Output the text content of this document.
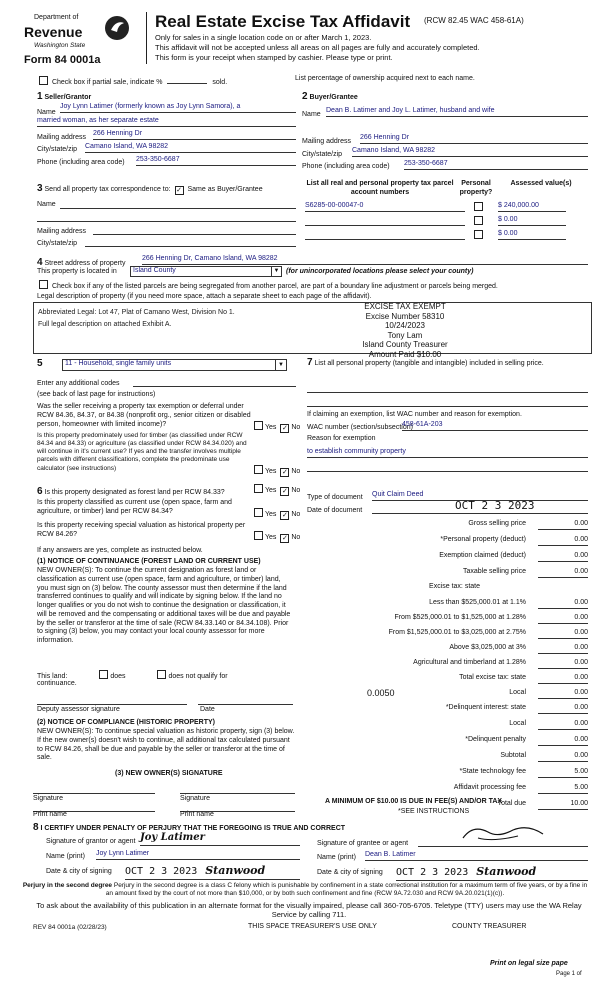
Department of
Revenue
Washington State
Form 84 0001a
Real Estate Excise Tax Affidavit (RCW 82.45 WAC 458-61A)
Only for sales in a single location code on or after March 1, 2023.
This affidavit will not be accepted unless all areas on all pages are fully and accurately completed.
This form is your receipt when stamped by cashier. Please type or print.
Check box if partial sale, indicate %	sold.
List percentage of ownership acquired next to each name.
1 Seller/Grantor
Name
Joy Lynn Latimer (formerly known as Joy Lynn Samora), a
married woman, as her separate estate
Mailing address
266 Henning Dr
City/state/zip Camano Island, WA 98282
Phone (including area code) 253-350-6687
2 Buyer/Grantee
Name
Dean B. Latimer and Joy L. Latimer, husband and wife
Mailing address
266 Henning Dr
City/state/zip
Camano Island, WA 98282
Phone (including area code) 253-350-6687
3 Send all property tax correspondence to: ✓ Same as Buyer/Grantee
Name
Mailing address
City/state/zip
List all real and personal property tax parcel account numbers
Personal property?
Assessed value(s)
S6285-00-00047-0	$ 240,000.00
$ 0.00
$ 0.00
4 Street address of property
266 Henning Dr, Camano Island, WA 98282
This property is located in	Island County	▼ (for unincorporated locations please select your county)
Check box if any of the listed parcels are being segregated from another parcel, are part of a boundary line adjustment or parcels being merged.
Legal description of property (if you need more space, attach a separate sheet to each page of the affidavit).
Abbreviated Legal: Lot 47, Plat of Camano West, Division No 1.
Full legal description on attached Exhibit A.
EXCISE TAX EXEMPT
Excise Number 58310
10/24/2023
Tony Lam
Island County Treasurer
Amount Paid $10.00
5	11 - Household, single family units	▼
Enter any additional codes
(see back of last page for instructions)
Was the seller receiving a property tax exemption or deferral under RCW 84.36, 84.37, or 84.38 (nonprofit org., senior citizen or disabled person, homeowner with limited income)?	Yes ✓ No
Is this property predominately used for timber (as classified under RCW 84.34 and 84.33) or agriculture (as classified under RCW 84.34.020) and will continue in it's current use? If yes and the transfer involves multiple parcels with different classifications, complete the predominate use calculator (see instructions)	Yes ✓ No
6 Is this property designated as forest land per RCW 84.33?	Yes ✓ No
Is this property classified as current use (open space, farm and agriculture, or timber) land per RCW 84.34?	Yes ✓ No
Is this property receiving special valuation as historical property per RCW 84.26?	Yes ✓ No
If any answers are yes, complete as instructed below.
(1) NOTICE OF CONTINUANCE (FOREST LAND OR CURRENT USE)
NEW OWNER(S): To continue the current designation as forest land or classification as current use (open space, farm and agriculture, or timber) land, you must sign on (3) below. The county assessor must then determine if the land transferred continues to qualify and will indicate by signing below. If the land no longer qualifies or you do not wish to continue the designation or classification, it will be removed and the compensating or additional taxes will be due and payable by the seller or transferor at the time of sale (RCW 84.33.140 or 84.34.108). Prior to signing (3) below, you may contact your local county assessor for more information.
This land:	does	does not qualify for
continuance.
Deputy assessor signature	Date
(2) NOTICE OF COMPLIANCE (HISTORIC PROPERTY)
NEW OWNER(S): To continue special valuation as historic property, sign (3) below. If the new owner(s) doesn't wish to continue, all additional tax calculated pursuant to RCW 84.26, shall be due and payable by the seller or transferor at the time of sale.
(3) NEW OWNER(S) SIGNATURE
Signature	Signature
Print name	Print name
7 List all personal property (tangible and intangible) included in selling price.
If claiming an exemption, list WAC number and reason for exemption.
WAC number (section/subsection)
458-61A-203
Reason for exemption
to establish community property
Type of document Quit Claim Deed
Date of document	OCT 2 3 2023
Gross selling price	0.00
*Personal property (deduct)	0.00
Exemption claimed (deduct)	0.00
Taxable selling price	0.00
Excise tax: state
Less than $525,000.01 at 1.1%	0.00
From $525,000.01 to $1,525,000 at 1.28%	0.00
From $1,525,000.01 to $3,025,000 at 2.75%	0.00
Above $3,025,000 at 3%	0.00
Agricultural and timberland at 1.28%	0.00
Total excise tax: state	0.00
0.0050	Local	0.00
*Delinquent interest: state	0.00
Local	0.00
*Delinquent penalty	0.00
Subtotal	0.00
*State technology fee	5.00
Affidavit processing fee	5.00
Total due	10.00
A MINIMUM OF $10.00 IS DUE IN FEE(S) AND/OR TAX
*SEE INSTRUCTIONS
8 I CERTIFY UNDER PENALTY OF PERJURY THAT THE FOREGOING IS TRUE AND CORRECT
Signature of grantor or agent Joy Latimer
Name (print) Joy Lynn Latimer
Date & city of signing OCT 2 3 2023 Stanwood
Signature of grantee or agent
Name (print) Dean B. Latimer
Date & city of signing OCT 2 3 2023 Stanwood
Perjury in the second degree Perjury in the second degree is a class C felony which is punishable by confinement in a state correctional institution for a maximum term of five years, or by a fine in an amount fixed by the court of not more than $10,000, or by both such confinement and fine (RCW 9A.72.030 and RCW 9A.20.021(1)(c)).
To ask about the availability of this publication in an alternate format for the visually impaired, please call 360-705-6705. Teletype (TTY) users may use the WA Relay Service by calling 711.
REV 84 0001a (02/28/23)	THIS SPACE TREASURER'S USE ONLY	COUNTY TREASURER
Print on legal size pape
Page 1 of
